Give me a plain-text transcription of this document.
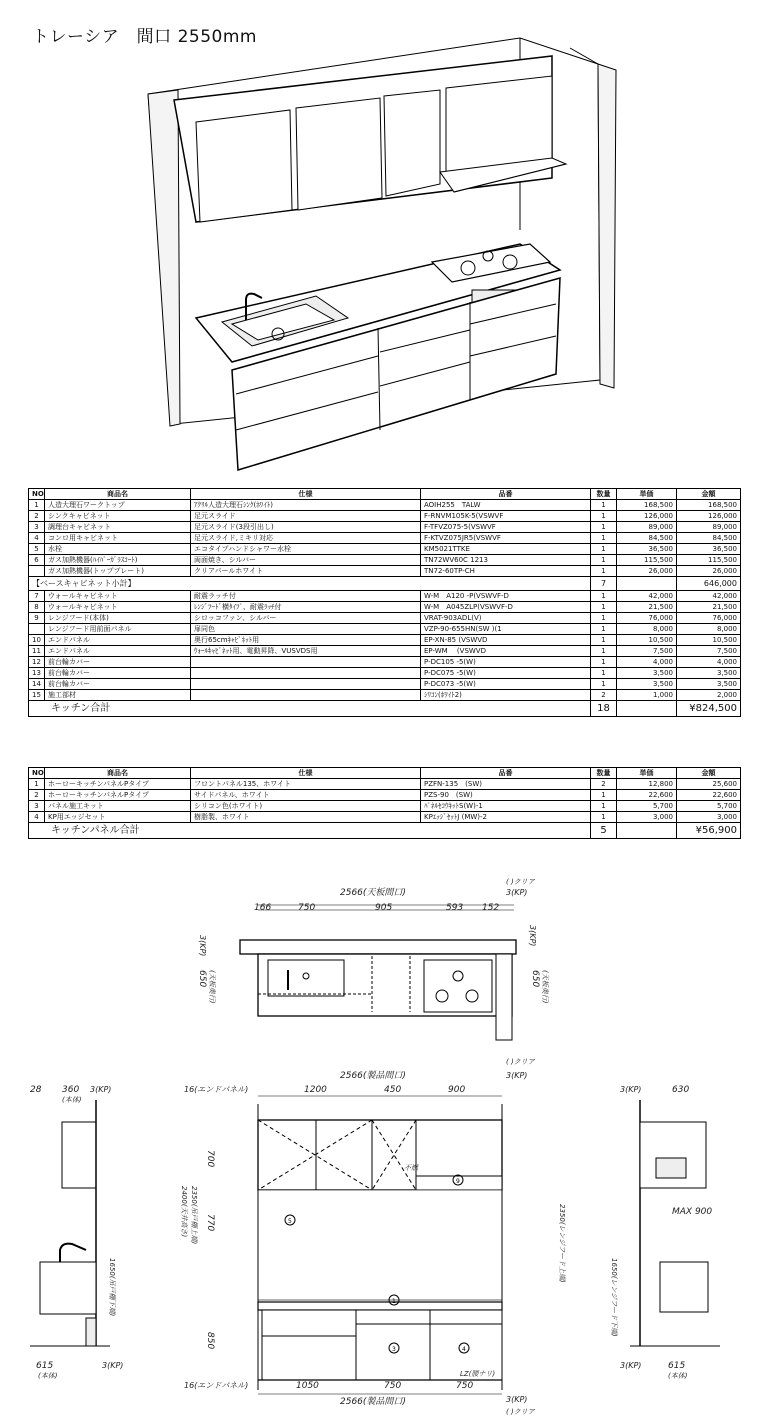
トレーシア　間口 2550mm
NO	商品名	仕様	品番	数量	単価	金額
1	人造大理石ワークトップ	ｱｸﾘﾙ人造大理石ｼﾝｸ(ﾎﾜｲﾄ)	AOIH255　TALW	1	168,500	168,500
2	シンクキャビネット	足元スライド	F-RNVM105K-5(VSWVF	1	126,000	126,000
3	調理台キャビネット	足元スライド(3段引出し)	F-TFVZ075-5(VSWVF	1	89,000	89,000
4	コンロ用キャビネット	足元スライド,ミキリ対応	F-KTVZ075JR5(VSWVF	1	84,500	84,500
5	水栓	エコタイプハンドシャワー水栓	KM5021TTKE	1	36,500	36,500
6	ガス加熱機器(ﾊｲﾊﾟｰｶﾞﾗｽｺｰﾄ)	両面焼き、シルバー	TN72WV60C 1213	1	115,500	115,500
	ガス加熱機器(トッププレート)	クリアパールホワイト	TN72-60TP-CH	1	26,000	26,000
【ベースキャビネット小計】				7		646,000
7	ウォールキャビネット	耐震ラッチ付	W-M　A120 -P(VSWVF-D	1	42,000	42,000
8	ウォールキャビネット	ﾚﾝｼﾞﾌｰﾄﾞ横ﾀｲﾌﾟ、耐震ﾗｯﾁ付	W-M　A045ZLP(VSWVF-D	1	21,500	21,500
9	レンジフード(本体)	シロッコファン、シルバー	VRAT-903ADL(V)	1	76,000	76,000
	レンジフード用前面パネル	扉同色	VZP-90-655HN(SW )(1	1	8,000	8,000
10	エンドパネル	奥行65cmｷｬﾋﾞﾈｯﾄ用	EP-XN-85 (VSWVD	1	10,500	10,500
11	エンドパネル	ｳｫｰﾙｷｬﾋﾞﾈｯﾄ用、電動昇降、VUSVDS用	EP-WM　 (VSWVD	1	7,500	7,500
12	前台輪カバー		P-DC105 -5(W)	1	4,000	4,000
13	前台輪カバー		P-DC075 -5(W)	1	3,500	3,500
14	前台輪カバー		P-DC073 -5(W)	1	3,500	3,500
15	施工部材		ｼﾘｺﾝ(ﾎﾜｲﾄ2)	2	1,000	2,000
キッチン合計				18		¥824,500
NO	商品名	仕様	品番	数量	単価	金額
1	ホーローキッチンパネルPタイプ	フロントパネル135、ホワイト	PZFN-135　(SW)	2	12,800	25,600
2	ホーローキッチンパネルPタイプ	サイドパネル、ホワイト	PZS-90　(SW)	1	22,600	22,600
3	パネル施工キット	シリコン色(ホワイト)	ﾊﾟﾈﾙｾｺｳｷｯﾄS(W)-1	1	5,700	5,700
4	KP用エッジセット	樹脂製、ホワイト	KPｴｯｼﾞｾｯﾄJ (MW)-2	1	3,000	3,000
キッチンパネル合計				5		¥56,900
2566(天板間口)
166	750	905	593 152
( )クリア
3(KP)
3(KP)	3(KP)
650 (天板奥行)	650 (天板奥行)
28 360 3(KP)
(本体)
615	3(KP)
(本体)
2566(製品間口)
16(エンドパネル)	1200	450	900
( )クリア
3(KP)
16(エンドパネル)	1050	750	750
2566(製品間口)	3(KP)
( )クリア
700
770
850
2400(天井高さ) 2350(吊戸棚上端)
1650(吊戸棚下端)
2350(レンジフード上端)
1650(レンジフード下端)
不燃
LZ(腰ナリ)
MAX 900
3(KP)	630
3(KP)	615
(本体)
5
1
3	4
9
